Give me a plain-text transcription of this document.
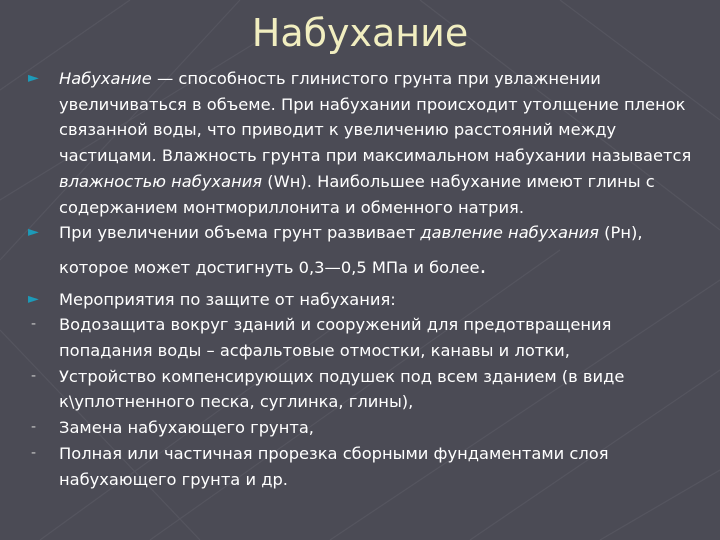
Набухание
► Набухание — способность глинистого грунта при увлажнении увеличиваться в объеме. При набухании происходит утолщение пленок связанной воды, что приводит к увеличению расстояний между частицами. Влажность грунта при максимальном набухании называется влажностью набухания (Wн). Наибольшее набухание имеют глины с содержанием монтмориллонита и обменного натрия.
► При увеличении объема грунт развивает давление набухания (Рн),
которое может достигнуть 0,3—0,5 МПа и более.
► Мероприятия по защите от набухания:
- Водозащита вокруг зданий и сооружений для предотвращения попадания воды – асфальтовые отмостки, канавы и лотки,
- Устройство компенсирующих подушек под всем зданием (в виде к\уплотненного песка, суглинка, глины),
- Замена набухающего грунта,
- Полная или частичная прорезка сборными фундаментами слоя набухающего грунта и др.
